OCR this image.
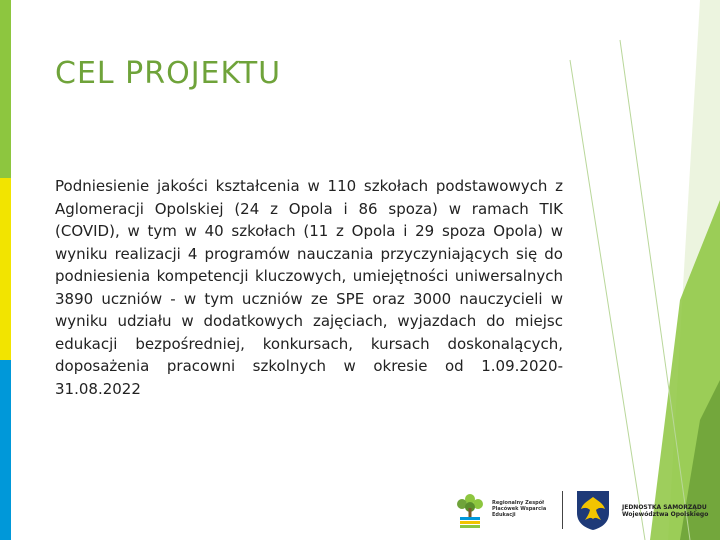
CEL PROJEKTU

Podniesienie jakości kształcenia w 110 szkołach podstawowych z Aglomeracji Opolskiej (24 z Opola i 86 spoza) w ramach TIK (COVID), w tym w 40 szkołach (11 z Opola i 29 spoza Opola) w wyniku realizacji 4 programów nauczania przyczyniających się do podniesienia kompetencji kluczowych, umiejętności uniwersalnych 3890 uczniów - w tym uczniów ze SPE oraz 3000 nauczycieli w wyniku udziału w dodatkowych zajęciach, wyjazdach do miejsc edukacji bezpośredniej, konkursach, kursach doskonalących, doposażenia pracowni szkolnych w okresie od 1.09.2020- 31.08.2022

Regionalny Zespół Placówek Wsparcia Edukacji
JEDNOSTKA SAMORZĄDU Województwa Opolskiego
